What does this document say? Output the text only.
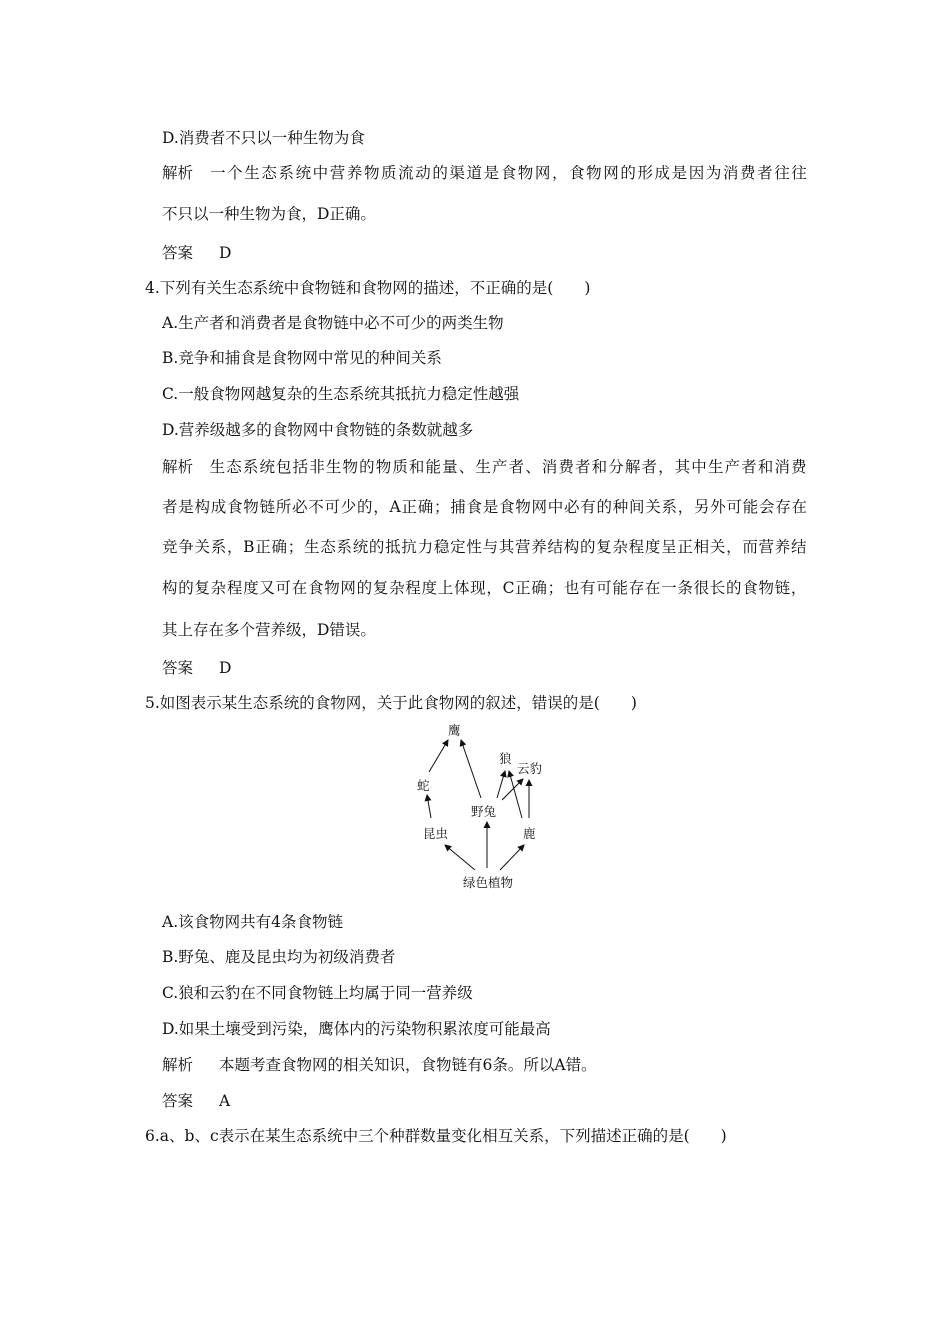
D.消费者不只以一种生物为食
解析　 一 个 生 态 系 统 中 营 养 物 质 流 动 的 渠 道 是 食 物 网 ， 食 物 网 的 形 成 是 因 为 消 费 者 往 往
不只以一种生物为食，D正确。
答案 D
4.下列有关生态系统中食物链和食物网的描述，不正确的是(　　)
A.生产者和消费者是食物链中必不可少的两类生物
B.竞争和捕食是食物网中常见的种间关系
C.一般食物网越复杂的生态系统其抵抗力稳定性越强
D.营养级越多的食物网中食物链的条数就越多
解析　 生 态 系 统 包 括 非 生 物 的 物 质 和 能 量 、 生 产 者 、 消 费 者 和 分 解 者 ， 其 中 生 产 者 和 消 费
者 是 构 成 食 物 链 所 必 不 可 少 的 ， A 正 确 ； 捕 食 是 食 物 网 中 必 有 的 种 间 关 系 ， 另 外 可 能 会 存 在
竞 争 关 系 ， B 正 确 ； 生 态 系 统 的 抵 抗 力 稳 定 性 与 其 营 养 结 构 的 复 杂 程 度 呈 正 相 关 ， 而 营 养 结
构 的 复 杂 程 度 又 可 在 食 物 网 的 复 杂 程 度 上 体 现 ， C 正 确 ； 也 有 可 能 存 在 一 条 很 长 的 食 物 链 ，
其上存在多个营养级，D错误。
答案 D
5.如图表示某生态系统的食物网，关于此食物网的叙述，错误的是(　　)
鹰
狼
云豹
蛇
野兔
昆虫	鹿
绿色植物
A.该食物网共有4条食物链
B.野兔、鹿及昆虫均为初级消费者
C.狼和云豹在不同食物链上均属于同一营养级
D.如果土壤受到污染，鹰体内的污染物积累浓度可能最高
解析 本题考查食物网的相关知识，食物链有6条。所以A错。
答案 A
6.a、b、c表示在某生态系统中三个种群数量变化相互关系，下列描述正确的是(　　)
